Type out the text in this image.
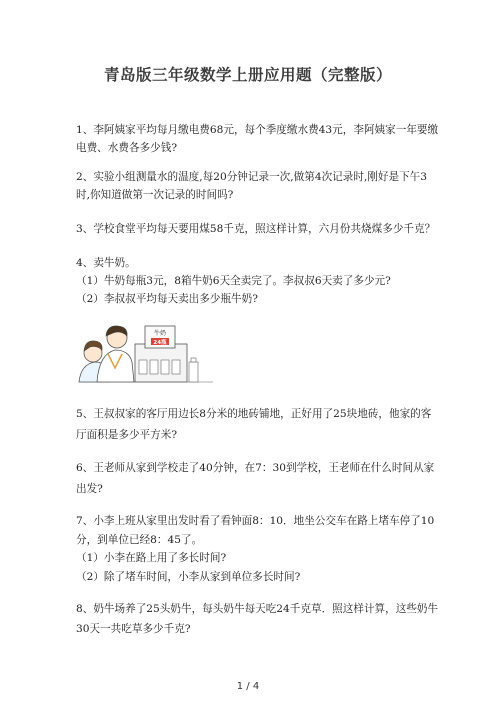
青岛版三年级数学上册应用题（完整版）
1、李阿姨家平均每月缴电费68元，每个季度缴水费43元，李阿姨家一年要缴
电费、水费各多少钱?
2、实验小组测量水的温度,每20分钟记录一次,做第4次记录时,刚好是下午3
时,你知道做第一次记录的时间吗?
3、学校食堂平均每天要用煤58千克，照这样计算，六月份共烧煤多少千克？
4、卖牛奶。
（1）牛奶每瓶3元，8箱牛奶6天全卖完了。李叔叔6天卖了多少元?
（2）李叔叔平均每天卖出多少瓶牛奶?
牛奶
24瓶
5、王叔叔家的客厅用边长8分米的地砖铺地，正好用了25块地砖，他家的客
厅面积是多少平方米?
6、王老师从家到学校走了40分钟，在7：30到学校，王老师在什么时间从家
出发?
7、小李上班从家里出发时看了看钟面8：10．地坐公交车在路上堵车停了10
分，到单位已经8：45了。
（1）小李在路上用了多长时间?
（2）除了堵车时间，小李从家到单位多长时间?
8、奶牛场养了25头奶牛，每头奶牛每天吃24千克草．照这样计算，这些奶牛
30天一共吃草多少千克?
1 / 4
